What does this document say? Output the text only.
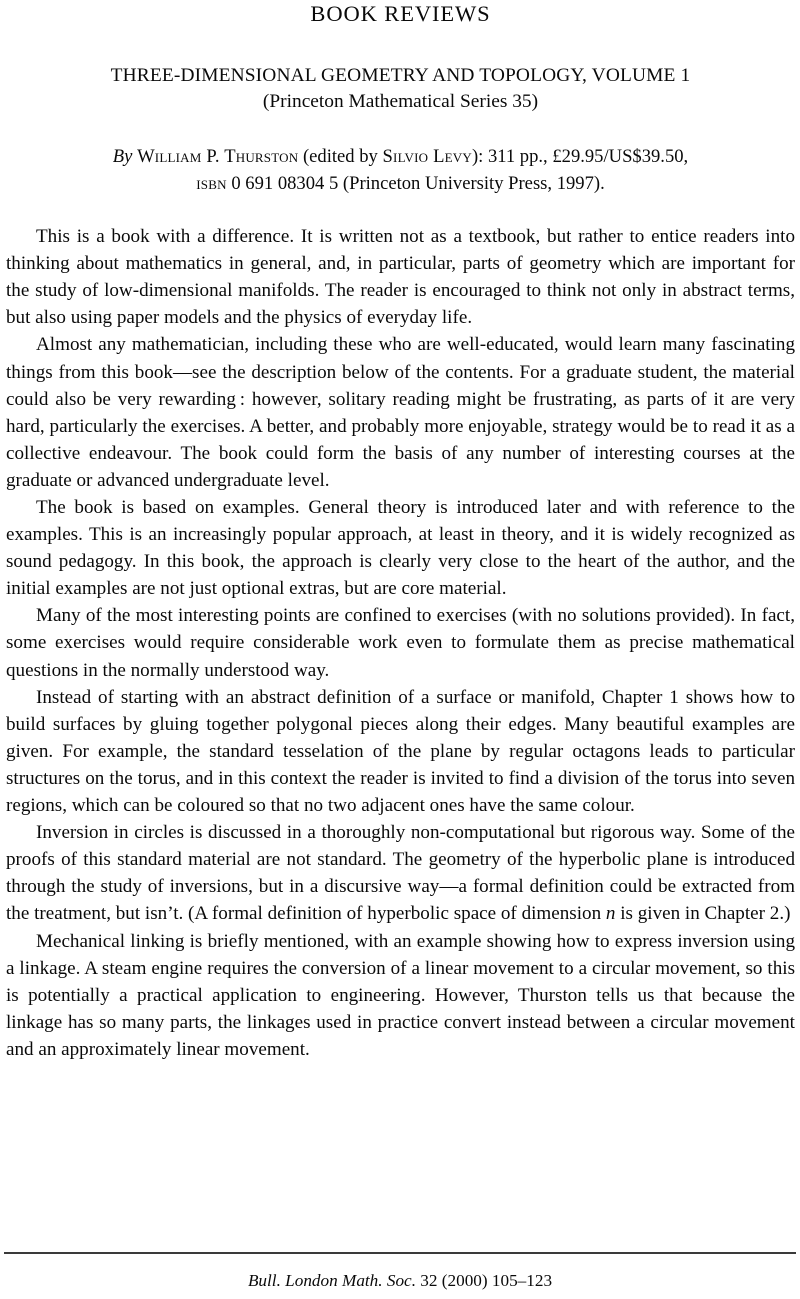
BOOK REVIEWS
THREE-DIMENSIONAL GEOMETRY AND TOPOLOGY, VOLUME 1
(Princeton Mathematical Series 35)
By William P. Thurston (edited by Silvio Levy): 311 pp., £29.95/US$39.50,
isbn 0 691 08304 5 (Princeton University Press, 1997).

This is a book with a difference. It is written not as a textbook, but rather to entice readers into thinking about mathematics in general, and, in particular, parts of geometry which are important for the study of low-dimensional manifolds. The reader is encouraged to think not only in abstract terms, but also using paper models and the physics of everyday life.

Almost any mathematician, including these who are well-educated, would learn many fascinating things from this book—see the description below of the contents. For a graduate student, the material could also be very rewarding : however, solitary reading might be frustrating, as parts of it are very hard, particularly the exercises. A better, and probably more enjoyable, strategy would be to read it as a collective endeavour. The book could form the basis of any number of interesting courses at the graduate or advanced undergraduate level.

The book is based on examples. General theory is introduced later and with reference to the examples. This is an increasingly popular approach, at least in theory, and it is widely recognized as sound pedagogy. In this book, the approach is clearly very close to the heart of the author, and the initial examples are not just optional extras, but are core material.

Many of the most interesting points are confined to exercises (with no solutions provided). In fact, some exercises would require considerable work even to formulate them as precise mathematical questions in the normally understood way.

Instead of starting with an abstract definition of a surface or manifold, Chapter 1 shows how to build surfaces by gluing together polygonal pieces along their edges. Many beautiful examples are given. For example, the standard tesselation of the plane by regular octagons leads to particular structures on the torus, and in this context the reader is invited to find a division of the torus into seven regions, which can be coloured so that no two adjacent ones have the same colour.

Inversion in circles is discussed in a thoroughly non-computational but rigorous way. Some of the proofs of this standard material are not standard. The geometry of the hyperbolic plane is introduced through the study of inversions, but in a discursive way—a formal definition could be extracted from the treatment, but isn’t. (A formal definition of hyperbolic space of dimension n is given in Chapter 2.)

Mechanical linking is briefly mentioned, with an example showing how to express inversion using a linkage. A steam engine requires the conversion of a linear movement to a circular movement, so this is potentially a practical application to engineering. However, Thurston tells us that because the linkage has so many parts, the linkages used in practice convert instead between a circular movement and an approximately linear movement.

Bull. London Math. Soc. 32 (2000) 105–123
